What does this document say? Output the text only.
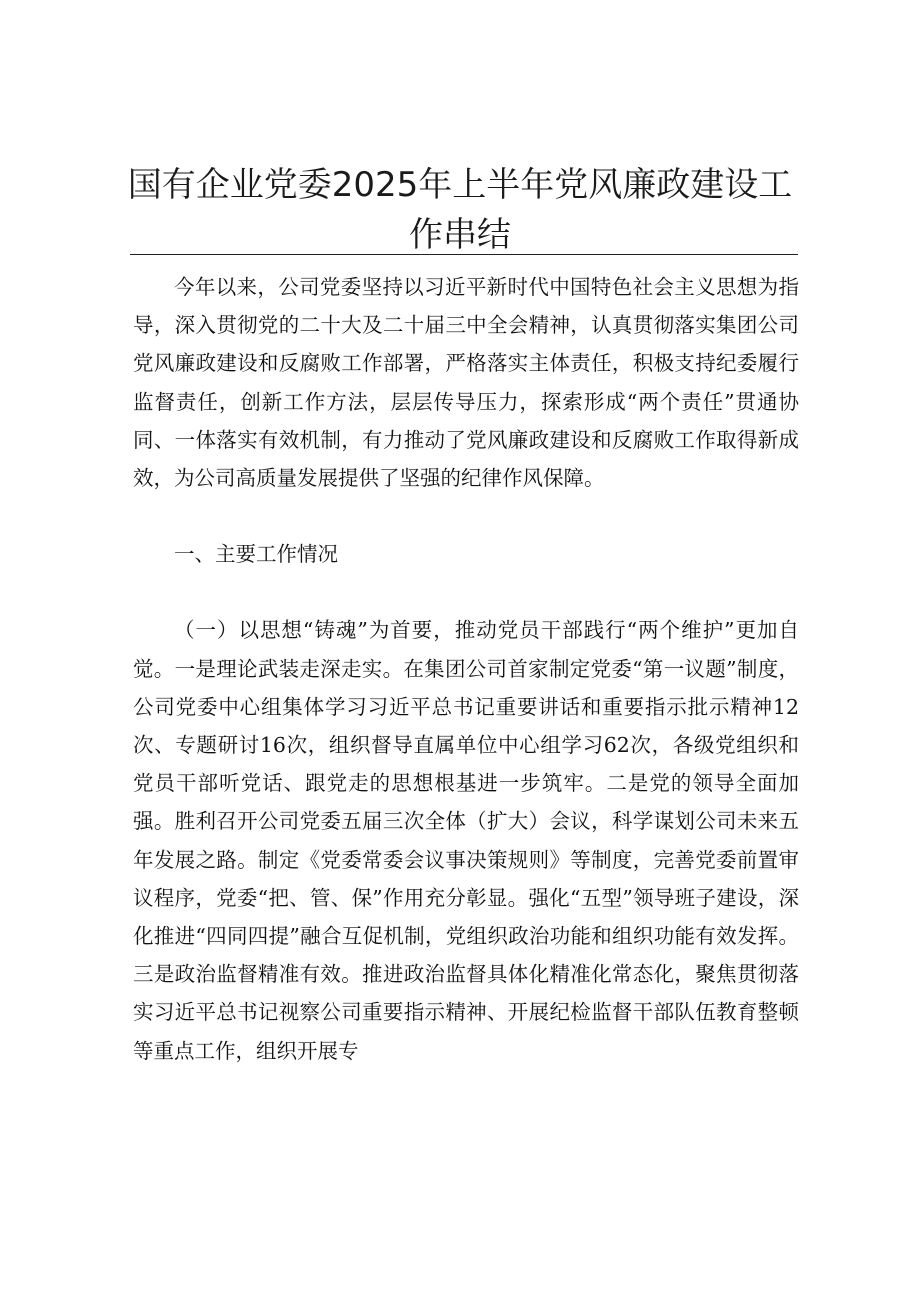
国有企业党委2025年上半年党风廉政建设工作串结

今年以来，公司党委坚持以习近平新时代中国特色社会主义思想为指导，深入贯彻党的二十大及二十届三中全会精神，认真贯彻落实集团公司党风廉政建设和反腐败工作部署，严格落实主体责任，积极支持纪委履行监督责任，创新工作方法，层层传导压力，探索形成“两个责任”贯通协同、一体落实有效机制，有力推动了党风廉政建设和反腐败工作取得新成效，为公司高质量发展提供了坚强的纪律作风保障。

一、主要工作情况

（一）以思想“铸魂”为首要，推动党员干部践行“两个维护”更加自觉。一是理论武装走深走实。在集团公司首家制定党委“第一议题”制度，公司党委中心组集体学习习近平总书记重要讲话和重要指示批示精神12次、专题研讨16次，组织督导直属单位中心组学习62次，各级党组织和党员干部听党话、跟党走的思想根基进一步筑牢。二是党的领导全面加强。胜利召开公司党委五届三次全体（扩大）会议，科学谋划公司未来五年发展之路。制定《党委常委会议事决策规则》等制度，完善党委前置审议程序，党委“把、管、保”作用充分彰显。强化“五型”领导班子建设，深化推进“四同四提”融合互促机制，党组织政治功能和组织功能有效发挥。三是政治监督精准有效。推进政治监督具体化精准化常态化，聚焦贯彻落实习近平总书记视察公司重要指示精神、开展纪检监督干部队伍教育整顿等重点工作，组织开展专
